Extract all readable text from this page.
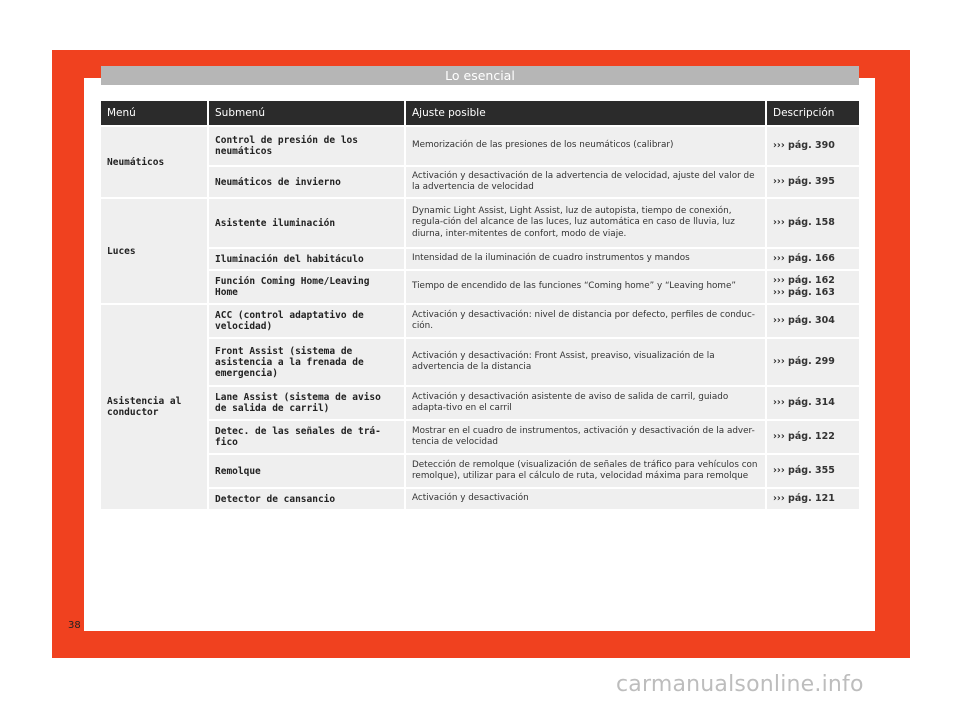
Lo esencial
Menú	Submenú	Ajuste posible	Descripción
Neumáticos	Control de presión de los neumáticos	Memorización de las presiones de los neumáticos (calibrar)	››› pág. 390

	Neumáticos de invierno	Activación y desactivación de la advertencia de velocidad, ajuste del valor de la advertencia de velocidad	››› pág. 395

Luces	Asistente iluminación	Dynamic Light Assist, Light Assist, luz de autopista, tiempo de conexión, regula-ción del alcance de las luces, luz automática en caso de lluvia, luz diurna, inter-mitentes de confort, modo de viaje.	››› pág. 158

	Iluminación del habitáculo	Intensidad de la iluminación de cuadro instrumentos y mandos	››› pág. 166

	Función Coming Home/Leaving Home	Tiempo de encendido de las funciones “Coming home” y “Leaving home”	››› pág. 162
››› pág. 163

Asistencia al conductor	ACC (control adaptativo de velocidad)	Activación y desactivación: nivel de distancia por defecto, perfiles de conduc-ción.	››› pág. 304

	Front Assist (sistema de asistencia a la frenada de emergencia)	Activación y desactivación: Front Assist, preaviso, visualización de la advertencia de la distancia	››› pág. 299

	Lane Assist (sistema de aviso de salida de carril)	Activación y desactivación asistente de aviso de salida de carril, guiado adapta-tivo en el carril	››› pág. 314

	Detec. de las señales de trá-fico	Mostrar en el cuadro de instrumentos, activación y desactivación de la adver-tencia de velocidad	››› pág. 122

	Remolque	Detección de remolque (visualización de señales de tráfico para vehículos con remolque), utilizar para el cálculo de ruta, velocidad máxima para remolque	››› pág. 355

	Detector de cansancio	Activación y desactivación	››› pág. 121
38
carmanualsonline.info
